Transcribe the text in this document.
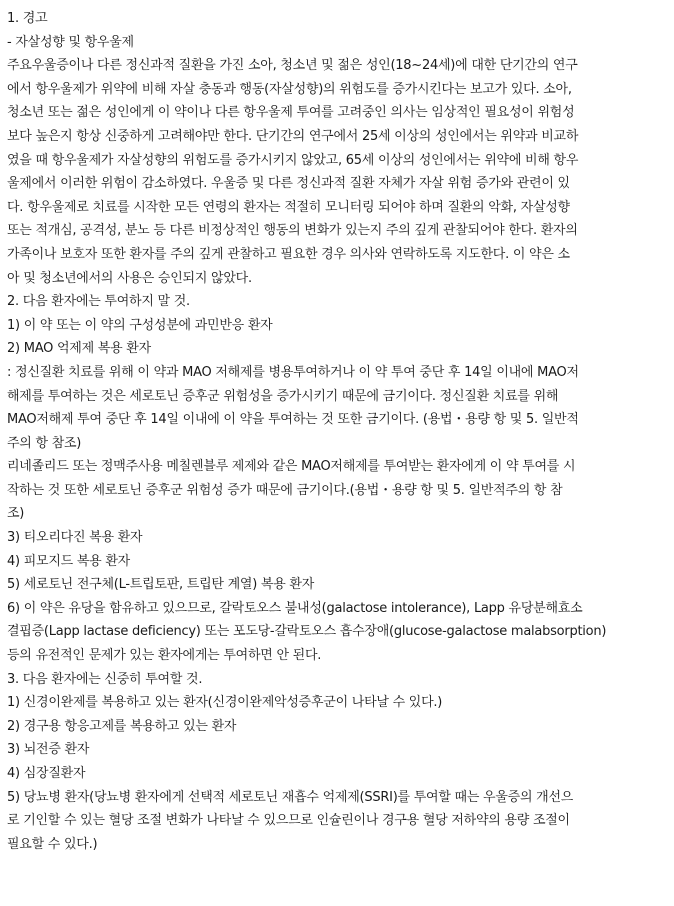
1. 경고
- 자살성향 및 항우울제
주요우울증이나 다른 정신과적 질환을 가진 소아, 청소년 및 젊은 성인(18~24세)에 대한 단기간의 연구
에서 항우울제가 위약에 비해 자살 충동과 행동(자살성향)의 위험도를 증가시킨다는 보고가 있다. 소아,
청소년 또는 젊은 성인에게 이 약이나 다른 항우울제 투여를 고려중인 의사는 임상적인 필요성이 위험성
보다 높은지 항상 신중하게 고려해야만 한다. 단기간의 연구에서 25세 이상의 성인에서는 위약과 비교하
였을 때 항우울제가 자살성향의 위험도를 증가시키지 않았고, 65세 이상의 성인에서는 위약에 비해 항우
울제에서 이러한 위험이 감소하였다. 우울증 및 다른 정신과적 질환 자체가 자살 위험 증가와 관련이 있
다. 항우울제로 치료를 시작한 모든 연령의 환자는 적절히 모니터링 되어야 하며 질환의 악화, 자살성향
또는 적개심, 공격성, 분노 등 다른 비정상적인 행동의 변화가 있는지 주의 깊게 관찰되어야 한다. 환자의
가족이나 보호자 또한 환자를 주의 깊게 관찰하고 필요한 경우 의사와 연락하도록 지도한다. 이 약은 소
아 및 청소년에서의 사용은 승인되지 않았다.
2. 다음 환자에는 투여하지 말 것.
1) 이 약 또는 이 약의 구성성분에 과민반응 환자
2) MAO 억제제 복용 환자
: 정신질환 치료를 위해 이 약과 MAO 저해제를 병용투여하거나 이 약 투여 중단 후 14일 이내에 MAO저
해제를 투여하는 것은 세로토닌 증후군 위험성을 증가시키기 때문에 금기이다. 정신질환 치료를 위해
MAO저해제 투여 중단 후 14일 이내에 이 약을 투여하는 것 또한 금기이다. (용법・용량 항 및 5. 일반적
주의 항 참조)
리네졸리드 또는 정맥주사용 메칠렌블루 제제와 같은 MAO저해제를 투여받는 환자에게 이 약 투여를 시
작하는 것 또한 세로토닌 증후군 위험성 증가 때문에 금기이다.(용법・용량 항 및 5. 일반적주의 항 참
조)
3) 티오리다진 복용 환자
4) 피모지드 복용 환자
5) 세로토닌 전구체(L-트립토판, 트립탄 계열) 복용 환자
6) 이 약은 유당을 함유하고 있으므로, 갈락토오스 불내성(galactose intolerance), Lapp 유당분해효소
결핍증(Lapp lactase deficiency) 또는 포도당-갈락토오스 흡수장애(glucose-galactose malabsorption)
등의 유전적인 문제가 있는 환자에게는 투여하면 안 된다.
3. 다음 환자에는 신중히 투여할 것.
1) 신경이완제를 복용하고 있는 환자(신경이완제악성증후군이 나타날 수 있다.)
2) 경구용 항응고제를 복용하고 있는 환자
3) 뇌전증 환자
4) 심장질환자
5) 당뇨병 환자(당뇨병 환자에게 선택적 세로토닌 재흡수 억제제(SSRI)를 투여할 때는 우울증의 개선으
로 기인할 수 있는 혈당 조절 변화가 나타날 수 있으므로 인슐린이나 경구용 혈당 저하약의 용량 조절이
필요할 수 있다.)
